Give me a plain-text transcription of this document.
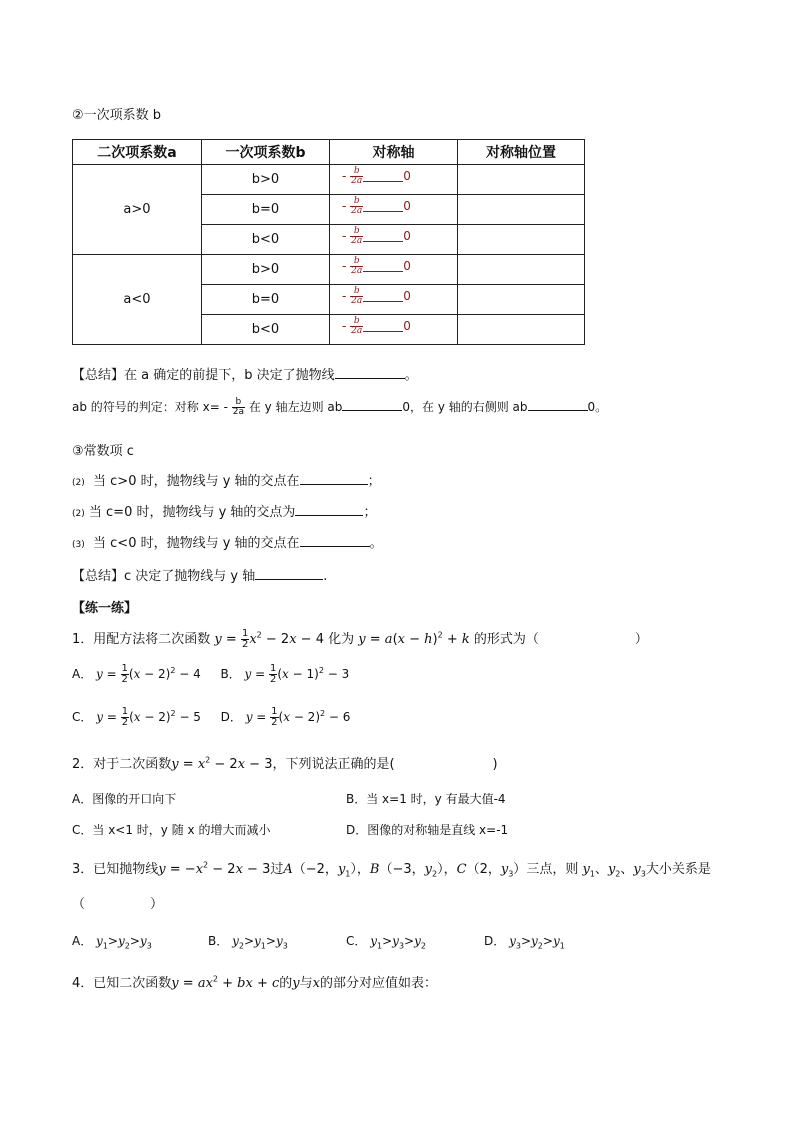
②一次项系数 b
二次项系数a	一次项系数b	对称轴	对称轴位置
a>0	b>0	- $\frac{b}{2a} 0$	

	b=0	- $\frac{b}{2a} 0$	

	b<0	- $\frac{b}{2a} 0$	

a<0	b>0	- $\frac{b}{2a} 0$	

	b=0	- $\frac{b}{2a} 0$	

	b<0	- $\frac{b}{2a} 0$	

【总结】在 a 确定的前提下，b 决定了抛物线	。
ab 的符号的判定：对称 $x= - \frac{b}{2a}$ 在 y 轴左边则 ab	0，在 y 轴的右侧则 ab	0。
③常数项 c
(2) 当 c>0 时，抛物线与 y 轴的交点在	；
(2) 当 c=0 时，抛物线与 y 轴的交点为	；
(3) 当 c<0 时，抛物线与 y 轴的交点在	。
【总结】c 决定了抛物线与 y 轴	.
【练一练】
1．用配方法将二次函数 $y = \frac{1}{2} x^2 - 2x - 4$ 化为 $y = a(x - h)^2 + k$ 的形式为（	）
A． $y = \frac{1}{2} (x - 2)^2 - 4$ B． $y = \frac{1}{2} (x - 1)^2 - 3$
C． $y = \frac{1}{2} (x - 2)^2 - 5$ D． $y = \frac{1}{2} (x - 2)^2 - 6$
2．对于二次函数$y = x^2 - 2x - 3$，下列说法正确的是(	)
A．图像的开口向下	B．当 x=1 时，y 有最大值-4
C．当 x<1 时，y 随 x 的增大而减小	D．图像的对称轴是直线 x=-1
3．已知抛物线$y = -x^2 - 2x - 3$过A（−2，$y_1$），B（−3，$y_2$），C（2，$y_3$）三点，则 $y_1$、$y_2$、$y_3$大小关系是
（　　　　　）
A． $y_1>y_2>y_3$	B． $y_2>y_1>y_3$	C． $y_1>y_3>y_2$	D． $y_3>y_2>y_1$
4．已知二次函数$y = ax^2$ + bx + c的y与x的部分对应值如表：
